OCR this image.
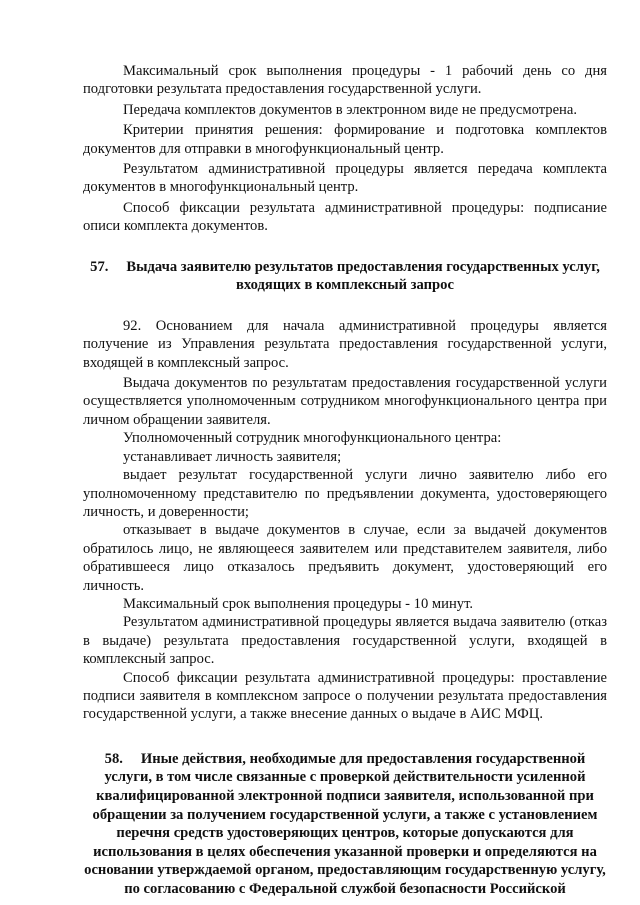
Максимальный срок выполнения процедуры - 1 рабочий день со дня подготовки результата предоставления государственной услуги.

Передача комплектов документов в электронном виде не предусмотрена.

Критерии принятия решения: формирование и подготовка комплектов документов для отправки в многофункциональный центр.

Результатом административной процедуры является передача комплекта документов в многофункциональный центр.

Способ фиксации результата административной процедуры: подписание описи комплекта документов.

57. Выдача заявителю результатов предоставления государственных услуг, входящих в комплексный запрос

92. Основанием для начала административной процедуры является получение из Управления результата предоставления государственной услуги, входящей в комплексный запрос.

Выдача документов по результатам предоставления государственной услуги осуществляется уполномоченным сотрудником многофункционального центра при личном обращении заявителя.

Уполномоченный сотрудник многофункционального центра:

устанавливает личность заявителя;

выдает результат государственной услуги лично заявителю либо его уполномоченному представителю по предъявлении документа, удостоверяющего личность, и доверенности;

отказывает в выдаче документов в случае, если за выдачей документов обратилось лицо, не являющееся заявителем или представителем заявителя, либо обратившееся лицо отказалось предъявить документ, удостоверяющий его личность.

Максимальный срок выполнения процедуры - 10 минут.

Результатом административной процедуры является выдача заявителю (отказ в выдаче) результата предоставления государственной услуги, входящей в комплексный запрос.

Способ фиксации результата административной процедуры: проставление подписи заявителя в комплексном запросе о получении результата предоставления государственной услуги, а также внесение данных о выдаче в АИС МФЦ.

58. Иные действия, необходимые для предоставления государственной услуги, в том числе связанные с проверкой действительности усиленной квалифицированной электронной подписи заявителя, использованной при обращении за получением государственной услуги, а также с установлением перечня средств удостоверяющих центров, которые допускаются для использования в целях обеспечения указанной проверки и определяются на основании утверждаемой органом, предоставляющим государственную услугу, по согласованию с Федеральной службой безопасности Российской
